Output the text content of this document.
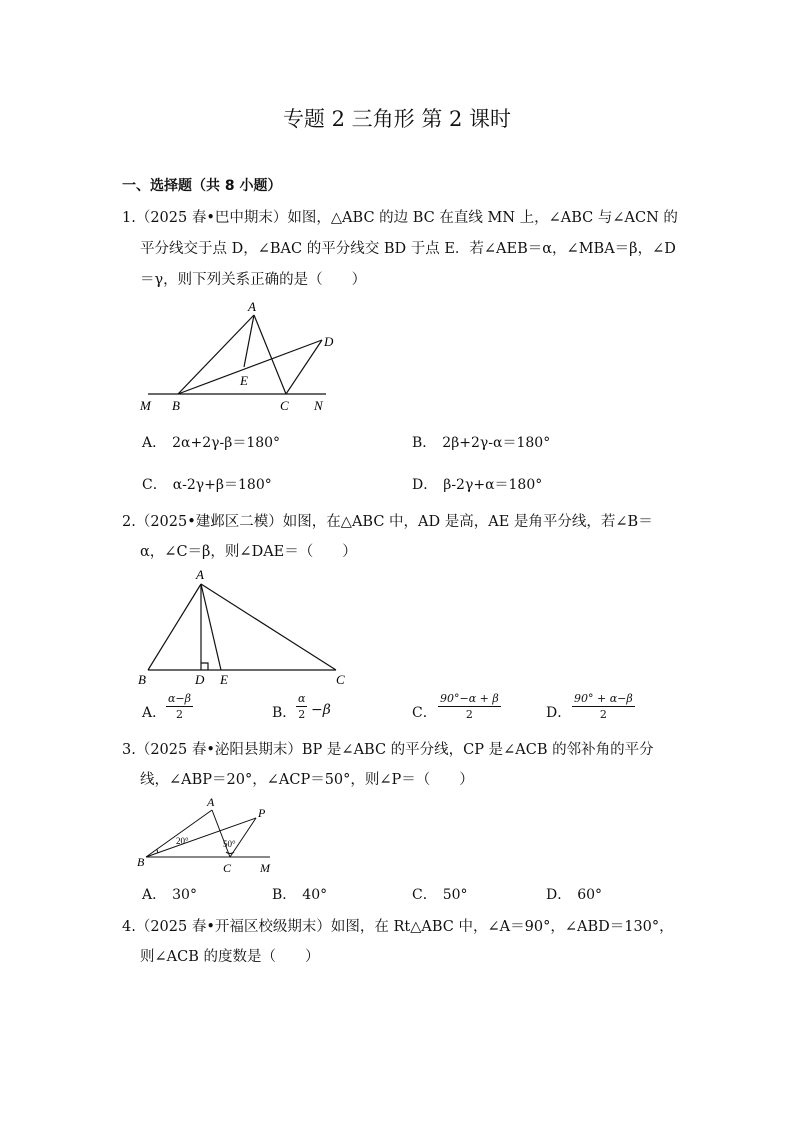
专题 2 三角形 第 2 课时
一、选择题（共 8 小题）
1.（2025 春•巴中期末）如图，△ABC 的边 BC 在直线 MN 上，∠ABC 与∠ACN 的
平分线交于点 D，∠BAC 的平分线交 BD 于点 E．若∠AEB＝α，∠MBA＝β，∠D
＝γ，则下列关系正确的是（　　）
A
D
E
M B	C N
A． 2α+2γ-β＝180°	B． 2β+2γ-α＝180°
C． α-2γ+β＝180°	D． β-2γ+α＝180°
2.（2025•建邺区二模）如图，在△ABC 中，AD 是高，AE 是角平分线，若∠B＝
α，∠C＝β，则∠DAE＝（　　）
A
B	D E	C
A． $\frac{\alpha-\beta}{2}$	B． $\frac{\alpha}{2} -\beta$	C． $\frac{90^\circ-\alpha + \beta}{2}$	D． $\frac{90^\circ + \alpha-\beta}{2}$
3.（2025 春•泌阳县期末）BP 是∠ABC 的平分线，CP 是∠ACB 的邻补角的平分
线，∠ABP＝20°，∠ACP＝50°，则∠P＝（　　）
A
P
B	C M
20°	50°
A． 30°	B． 40°	C． 50°	D． 60°
4.（2025 春•开福区校级期末）如图，在 Rt△ABC 中，∠A＝90°，∠ABD＝130°，
则∠ACB 的度数是（　　）
